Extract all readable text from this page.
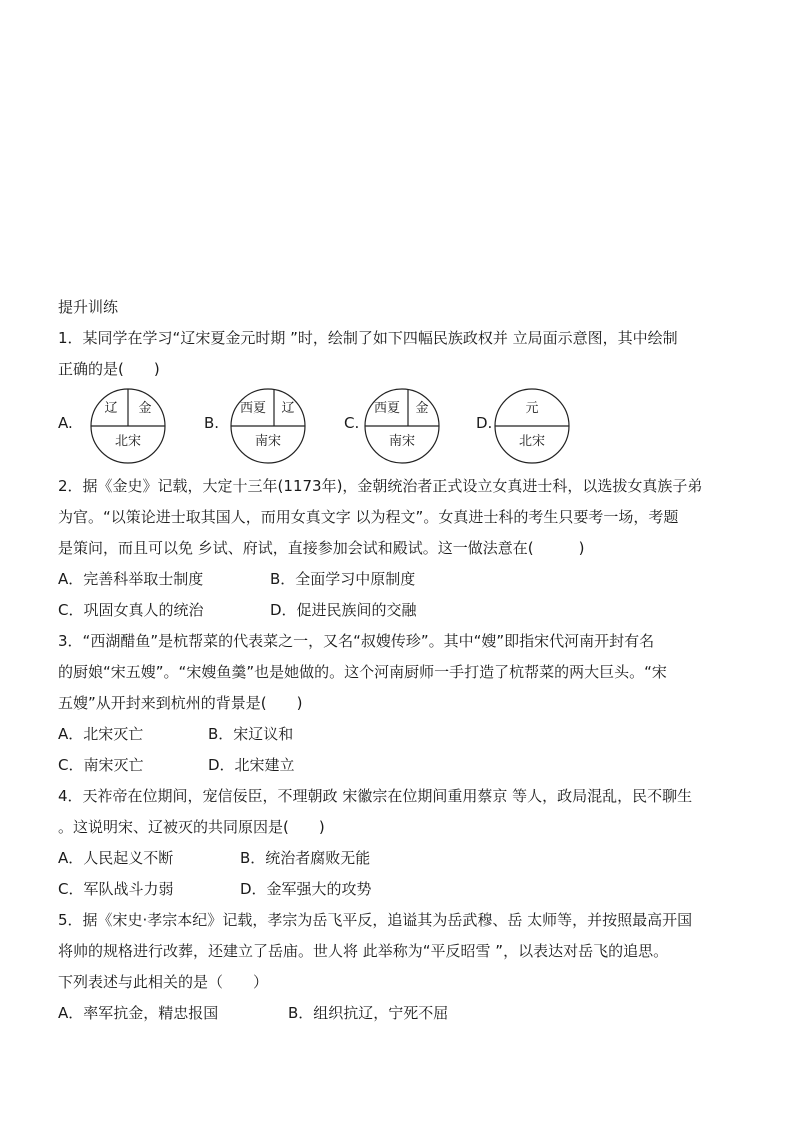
提升训练
1．某同学在学习“辽宋夏金元时期 ”时，绘制了如下四幅民族政权并 立局面示意图，其中绘制
正确的是(　　)
A.
辽 金
北宋
B.
西夏 辽
南宋
C.
西夏 金
南宋
D.
元
北宋
2．据《金史》记载，大定十三年(1173年)，金朝统治者正式设立女真进士科，以选拔女真族子弟
为官。“以策论进士取其国人，而用女真文字 以为程文”。女真进士科的考生只要考一场，考题
是策问，而且可以免 乡试、府试，直接参加会试和殿试。这一做法意在(　　　)
A．完善科举取士制度	B．全面学习中原制度
C．巩固女真人的统治	D．促进民族间的交融
3．“西湖醋鱼”是杭帮菜的代表菜之一，又名“叔嫂传珍”。其中“嫂”即指宋代河南开封有名
的厨娘“宋五嫂”。“宋嫂鱼羹”也是她做的。这个河南厨师一手打造了杭帮菜的两大巨头。“宋
五嫂”从开封来到杭州的背景是(　　)
A．北宋灭亡	B．宋辽议和
C．南宋灭亡	D．北宋建立
4．天祚帝在位期间，宠信佞臣，不理朝政 宋徽宗在位期间重用蔡京 等人，政局混乱，民不聊生
。这说明宋、辽被灭的共同原因是(　　)
A．人民起义不断	B．统治者腐败无能
C．军队战斗力弱	D．金军强大的攻势
5．据《宋史·孝宗本纪》记载，孝宗为岳飞平反，追谥其为岳武穆、岳 太师等，并按照最高开国
将帅的规格进行改葬，还建立了岳庙。世人将 此举称为“平反昭雪 ”，以表达对岳飞的追思。
下列表述与此相关的是（　　）
A．率军抗金，精忠报国	B．组织抗辽，宁死不屈
